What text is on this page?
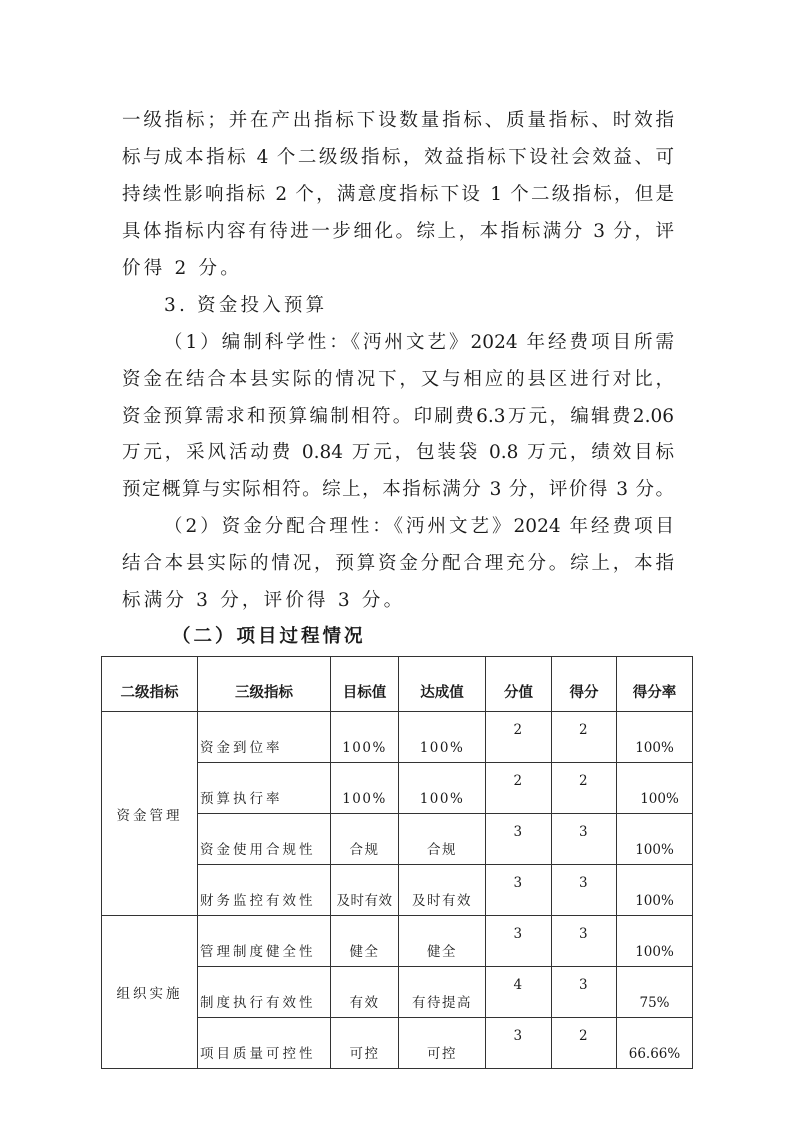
一级指标；并在产出指标下设数量指标、质量指标、时效指
标与成本指标 4 个二级级指标，效益指标下设社会效益、可
持续性影响指标 2 个，满意度指标下设 1 个二级指标，但是
具体指标内容有待进一步细化。综上，本指标满分 3 分，评
价得 2 分。
3. 资金投入预算
（1）编制科学性：《沔州文艺》2024 年经费项目所需
资金在结合本县实际的情况下，又与相应的县区进行对比，
资金预算需求和预算编制相符。印刷费6.3万元，编辑费2.06
万元，采风活动费 0.84 万元，包装袋 0.8 万元，绩效目标
预定概算与实际相符。综上，本指标满分 3 分，评价得 3 分。
（2）资金分配合理性：《沔州文艺》2024 年经费项目
结合本县实际的情况，预算资金分配合理充分。综上，本指
标满分 3 分，评价得 3 分。
（二）项目过程情况
二级指标	三级指标	目标值	达成值	分值	得分	得分率
资金管理	资金到位率	100%	100%	2	2	100%
	预算执行率	100%	100%	2	2	100%
	资金使用合规性	合规	合规	3	3	100%
	财务监控有效性	及时有效	及时有效	3	3	100%
组织实施	管理制度健全性	健全	健全	3	3	100%
	制度执行有效性	有效	有待提高	4	3	75%
	项目质量可控性	可控	可控	3	2	66.66%
